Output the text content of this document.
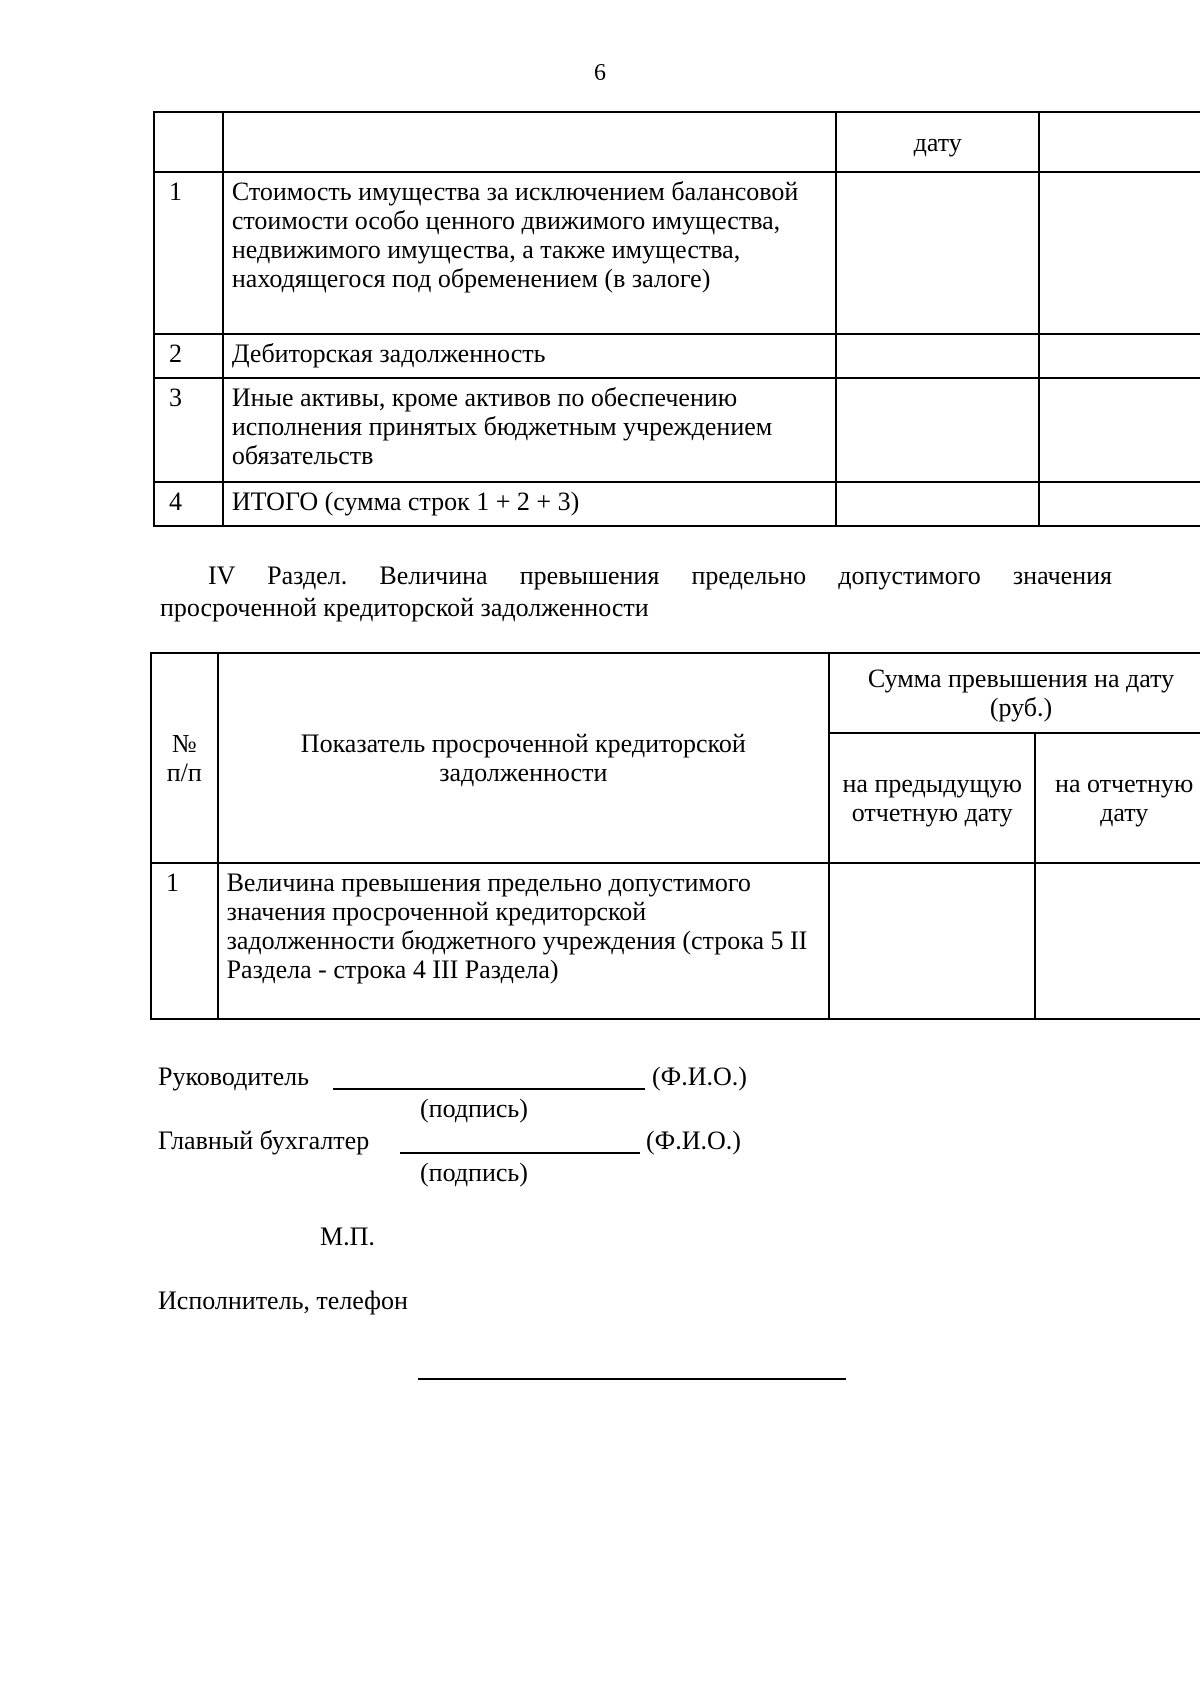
6
		дату	
1	Стоимость имущества за исключением балансовой стоимости особо ценного движимого имущества, недвижимого имущества, а также имущества, находящегося под обременением (в залоге)		
2	Дебиторская задолженность		
3	Иные активы, кроме активов по обеспечению исполнения принятых бюджетным учреждением обязательств		
4	ИТОГО (сумма строк 1 + 2 + 3)		
IV Раздел. Величина превышения предельно допустимого значения просроченной кредиторской задолженности
№ п/п	Показатель просроченной кредиторской задолженности	Сумма превышения на дату (руб.)	
		на предыдущую отчетную дату	на отчетную дату
1	Величина превышения предельно допустимого значения просроченной кредиторской задолженности бюджетного учреждения (строка 5 II Раздела - строка 4 III Раздела)		
Руководитель	(Ф.И.О.)
(подпись)
Главный бухгалтер	(Ф.И.О.)
(подпись)
М.П.
Исполнитель, телефон
